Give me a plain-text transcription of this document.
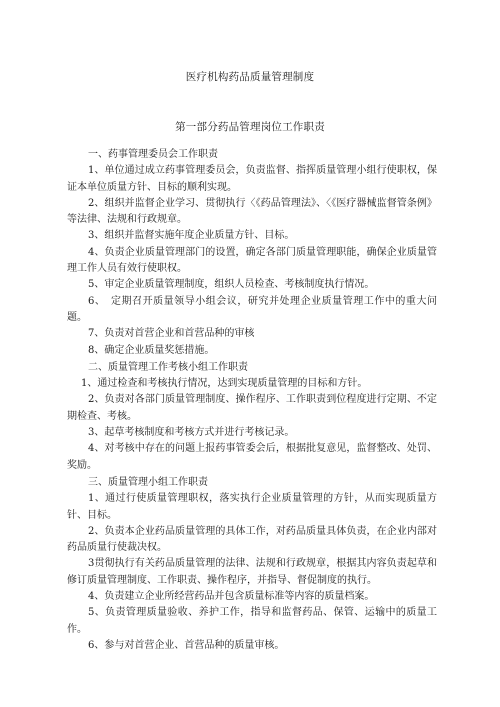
医疗机构药品质量管理制度
第一部分药品管理岗位工作职责

一、药事管理委员会工作职责

1、单位通过成立药事管理委员会，负责监督、指挥质量管理小组行使职权，保证本单位质量方针、目标的顺利实现。

2、组织并监督企业学习、贯彻执行〈《药品管理法》、〈《医疗器械监督管条例》等法律、法规和行政规章。

3、组织并监督实施年度企业质量方针、目标。

4、负责企业质量管理部门的设置，确定各部门质量管理职能，确保企业质量管理工作人员有效行使职权。

5、审定企业质量管理制度，组织人员检查、考核制度执行情况。

6、　定期召开质量领导小组会议，研究并处理企业质量管理工作中的重大问题。

7、负责对首营企业和首营品种的审核

8、确定企业质量奖惩措施。

二、质量管理工作考核小组工作职责

1、通过检查和考核执行情况，达到实现质量管理的目标和方针。

2、负责对各部门质量管理制度、操作程序、工作职责到位程度进行定期、不定期检查、考核。

3、起草考核制度和考核方式并进行考核记录。

4、对考核中存在的问题上报药事管委会后，根据批复意见，监督整改、处罚、奖励。

三、质量管理小组工作职责

1、通过行使质量管理职权，落实执行企业质量管理的方针，从而实现质量方针、目标。

2、负责本企业药品质量管理的具体工作，对药品质量具体负责，在企业内部对药品质量行使裁决权。

3贯彻执行有关药品质量管理的法律、法规和行政规章，根据其内容负责起草和修订质量管理制度、工作职责、操作程序，并指导、督促制度的执行。

4、负责建立企业所经营药品并包含质量标准等内容的质量档案。

5、负责管理质量验收、养护工作，指导和监督药品、保管、运输中的质量工作。

6、参与对首营企业、首营品种的质量审核。
